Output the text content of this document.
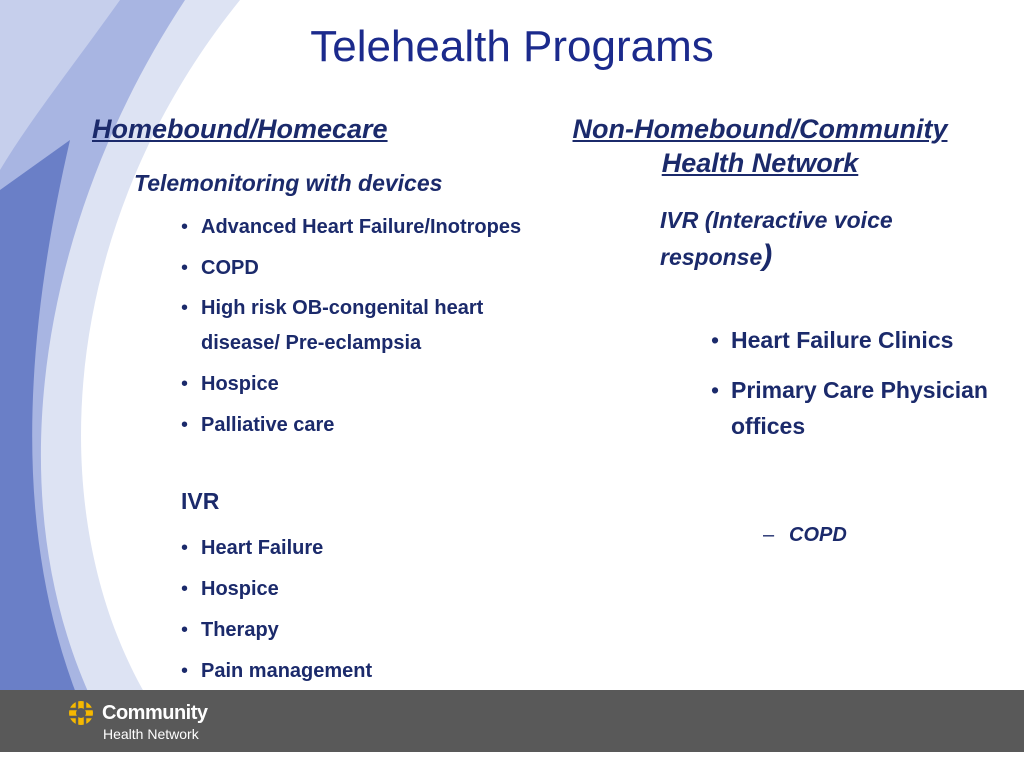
Telehealth Programs
Homebound/Homecare	Non-Homebound/Community Health Network
Telemonitoring with devices
• Advanced Heart Failure/Inotropes
• COPD
• High risk OB-congenital heart disease/ Pre-eclampsia
• Hospice
• Palliative care
IVR
• Heart Failure
• Hospice
• Therapy
• Pain management
IVR (Interactive voice response)
• Heart Failure Clinics
• Primary Care Physician offices
– COPD
Community
Health Network
